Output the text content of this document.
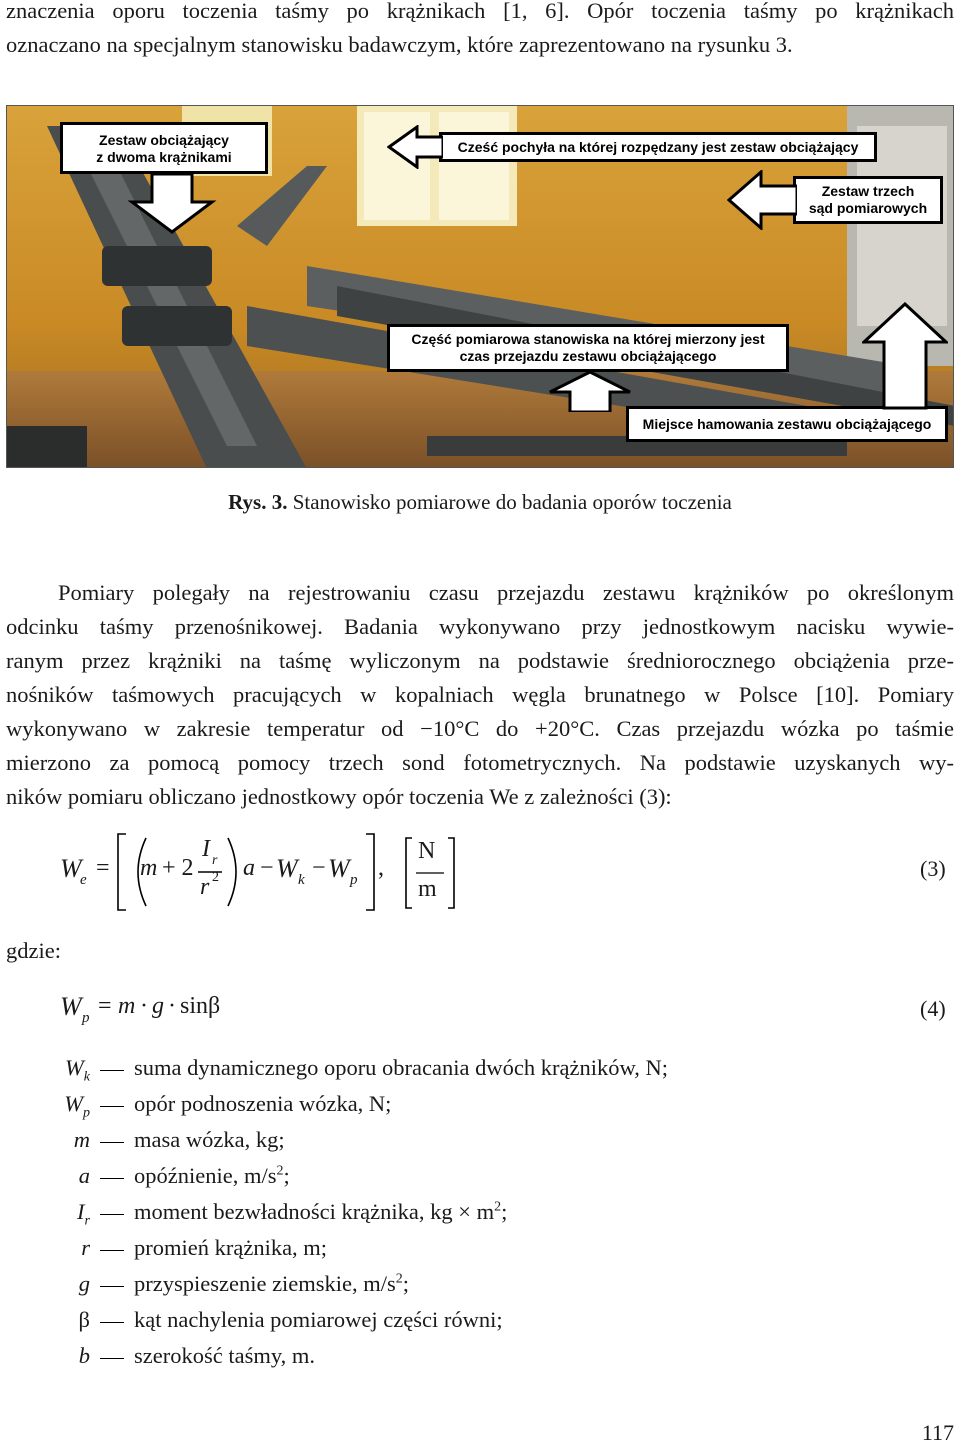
znaczenia oporu toczenia taśmy po krążnikach [1, 6]. Opór toczenia taśmy po krążnikach
oznaczano na specjalnym stanowisku badawczym, które zaprezentowano na rysunku 3.
Zestaw obciążający
z dwoma krążnikami
Cześć pochyła na której rozpędzany jest zestaw obciążający
Zestaw trzech
sąd pomiarowych
Część pomiarowa stanowiska na której mierzony jest
czas przejazdu zestawu obciążającego
Miejsce hamowania zestawu obciążającego
Rys. 3. Stanowisko pomiarowe do badania oporów toczenia
Pomiary polegały na rejestrowaniu czasu przejazdu zestawu krążników po określonym
odcinku taśmy przenośnikowej. Badania wykonywano przy jednostkowym nacisku wywie-
ranym przez krążniki na taśmę wyliczonym na podstawie średniorocznego obciążenia prze-
nośników taśmowych pracujących w kopalniach węgla brunatnego w Polsce [10]. Pomiary
wykonywano w zakresie temperatur od −10°C do +20°C. Czas przejazdu wózka po taśmie
mierzono za pomocą pomocy trzech sond fotometrycznych. Na podstawie uzyskanych wy-
ników pomiaru obliczano jednostkowy opór toczenia We z zależności (3):
W
e = m + 2
I r
r 2 a − W k − W p ,
N
m
(3)
gdzie:
W p = m · g · sinβ	(4)
$W_k$ suma dynamicznego oporu obracania dwóch krążników, N;
$W_p$ opór podnoszenia wózka, N;
m masa wózka, kg;
a opóźnienie, $m/s^2$;
$I_r$ moment bezwładności krążnika, kg × $m^2$;
r promień krążnika, m;
g przyspieszenie ziemskie, $m/s^2$;
β kąt nachylenia pomiarowej części równi;
b szerokość taśmy, m.
117
